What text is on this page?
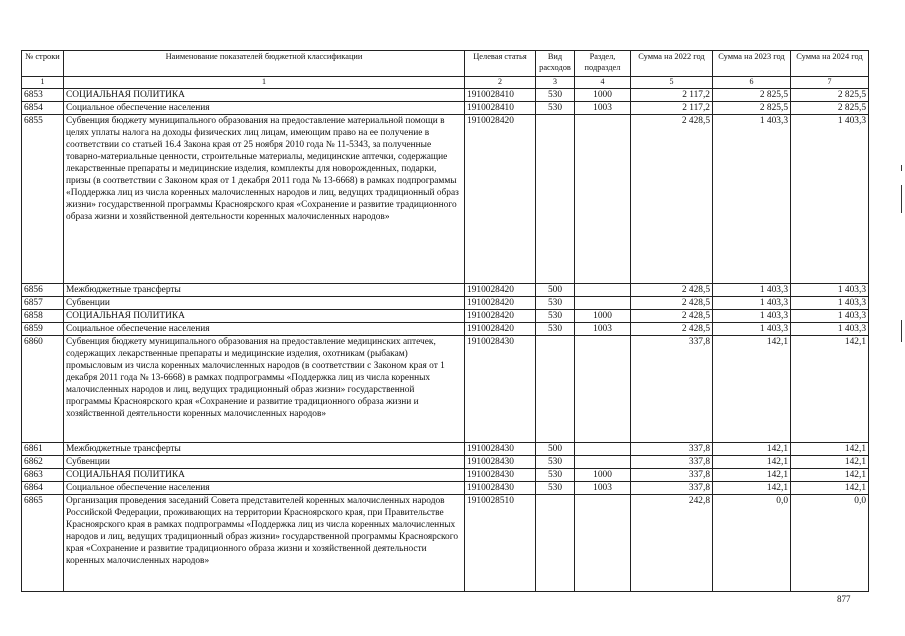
№ строки	Наименование показателей бюджетной классификации	Целевая статья	Вид расходов	Раздел, подраздел	Сумма на 2022 год	Сумма на 2023 год	Сумма на 2024 год
1	1	2	3	4	5	6	7
6853	СОЦИАЛЬНАЯ ПОЛИТИКА	1910028410	530	1000	2 117,2	2 825,5	2 825,5
6854	Социальное обеспечение населения	1910028410	530	1003	2 117,2	2 825,5	2 825,5
6855	Субвенция бюджету муниципального образования на предоставление материальной помощи в целях уплаты налога на доходы физических лиц лицам, имеющим право на ее получение в соответствии со статьей 16.4 Закона края от 25 ноября 2010 года № 11-5343, за полученные товарно-материальные ценности, строительные материалы, медицинские аптечки, содержащие лекарственные препараты и медицинские изделия, комплекты для новорожденных, подарки, призы (в соответствии с Законом края от 1 декабря 2011 года № 13-6668) в рамках подпрограммы «Поддержка лиц из числа коренных малочисленных народов и лиц, ведущих традиционный образ жизни» государственной программы Красноярского края «Сохранение и развитие традиционного образа жизни и хозяйственной деятельности коренных малочисленных народов»	1910028420			2 428,5	1 403,3	1 403,3
6856	Межбюджетные трансферты	1910028420	500		2 428,5	1 403,3	1 403,3
6857	Субвенции	1910028420	530		2 428,5	1 403,3	1 403,3
6858	СОЦИАЛЬНАЯ ПОЛИТИКА	1910028420	530	1000	2 428,5	1 403,3	1 403,3
6859	Социальное обеспечение населения	1910028420	530	1003	2 428,5	1 403,3	1 403,3
6860	Субвенция бюджету муниципального образования на предоставление медицинских аптечек, содержащих лекарственные препараты и медицинские изделия, охотникам (рыбакам) промысловым из числа коренных малочисленных народов (в соответствии с Законом края от 1 декабря 2011 года № 13-6668) в рамках подпрограммы «Поддержка лиц из числа коренных малочисленных народов и лиц, ведущих традиционный образ жизни» государственной программы Красноярского края «Сохранение и развитие традиционного образа жизни и хозяйственной деятельности коренных малочисленных народов»	1910028430			337,8	142,1	142,1
6861	Межбюджетные трансферты	1910028430	500		337,8	142,1	142,1
6862	Субвенции	1910028430	530		337,8	142,1	142,1
6863	СОЦИАЛЬНАЯ ПОЛИТИКА	1910028430	530	1000	337,8	142,1	142,1
6864	Социальное обеспечение населения	1910028430	530	1003	337,8	142,1	142,1
6865	Организация проведения заседаний Совета представителей коренных малочисленных народов Российской Федерации, проживающих на территории Красноярского края, при Правительстве Красноярского края в рамках подпрограммы «Поддержка лиц из числа коренных малочисленных народов и лиц, ведущих традиционный образ жизни» государственной программы Красноярского края «Сохранение и развитие традиционного образа жизни и хозяйственной деятельности коренных малочисленных народов»	1910028510			242,8	0,0	0,0
877
